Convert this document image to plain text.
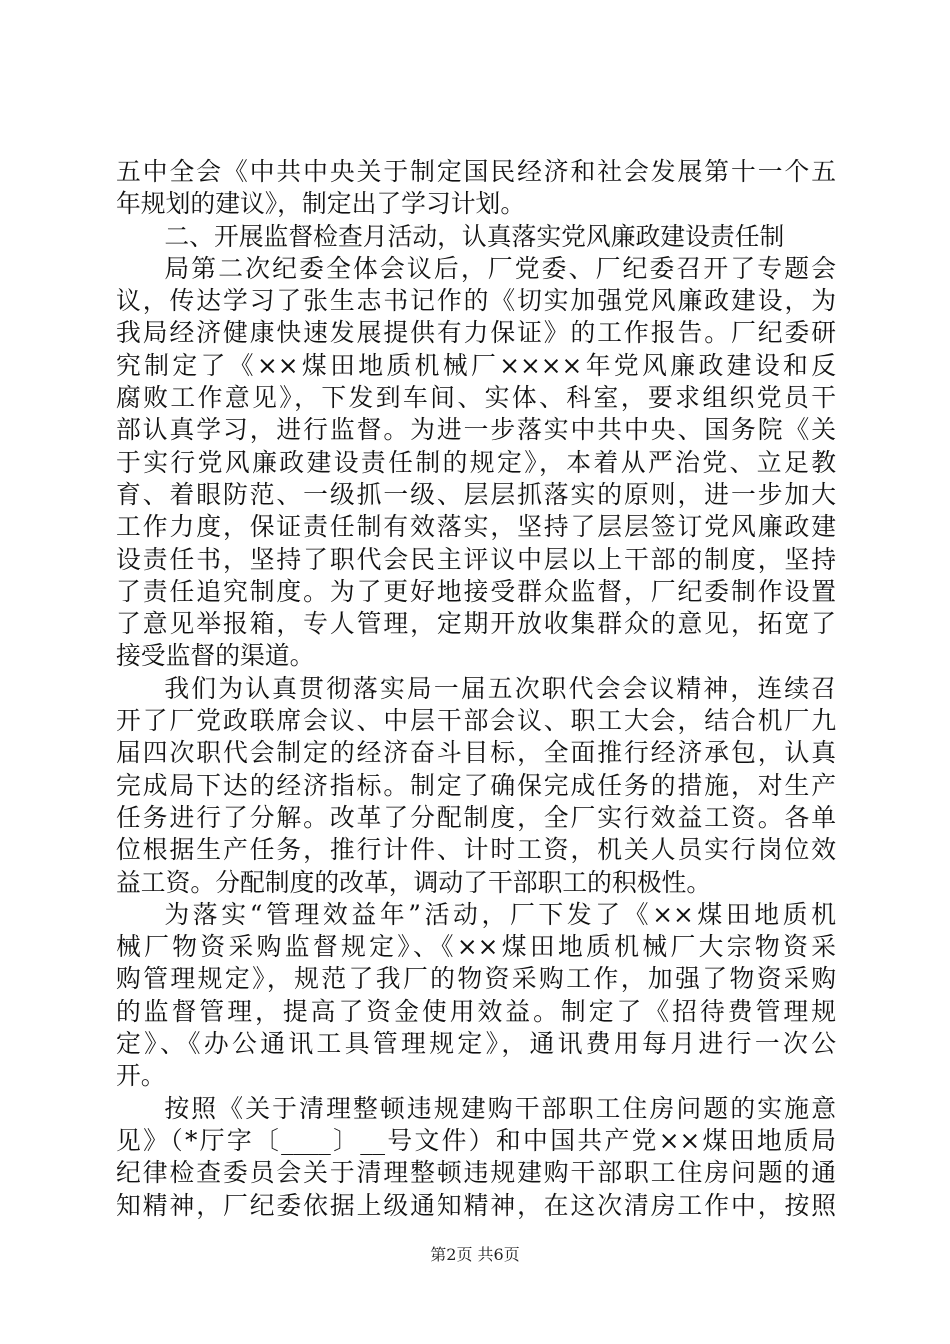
五中全会《中共中央关于制定国民经济和社会发展第十一个五
年规划的建议》，制定出了学习计划。
二、开展监督检查月活动，认真落实党风廉政建设责任制
局第二次纪委全体会议后，厂党委、厂纪委召开了专题会
议，传达学习了张生志书记作的《切实加强党风廉政建设，为
我局经济健康快速发展提供有力保证》的工作报告。厂纪委研
究制定了《××煤田地质机械厂××××年党风廉政建设和反
腐败工作意见》，下发到车间、实体、科室，要求组织党员干
部认真学习，进行监督。为进一步落实中共中央、国务院《关
于实行党风廉政建设责任制的规定》，本着从严治党、立足教
育、着眼防范、一级抓一级、层层抓落实的原则，进一步加大
工作力度，保证责任制有效落实，坚持了层层签订党风廉政建
设责任书，坚持了职代会民主评议中层以上干部的制度，坚持
了责任追究制度。为了更好地接受群众监督，厂纪委制作设置
了意见举报箱，专人管理，定期开放收集群众的意见，拓宽了
接受监督的渠道。
我们为认真贯彻落实局一届五次职代会会议精神，连续召
开了厂党政联席会议、中层干部会议、职工大会，结合机厂九
届四次职代会制定的经济奋斗目标，全面推行经济承包，认真
完成局下达的经济指标。制定了确保完成任务的措施，对生产
任务进行了分解。改革了分配制度，全厂实行效益工资。各单
位根据生产任务，推行计件、计时工资，机关人员实行岗位效
益工资。分配制度的改革，调动了干部职工的积极性。
为落实“管理效益年”活动，厂下发了《××煤田地质机
械厂物资采购监督规定》、《××煤田地质机械厂大宗物资采
购管理规定》，规范了我厂的物资采购工作，加强了物资采购
的监督管理，提高了资金使用效益。制定了《招待费管理规
定》、《办公通讯工具管理规定》，通讯费用每月进行一次公
开。
按照《关于清理整顿违规建购干部职工住房问题的实施意
见》（*厅字〔____〕__号文件）和中国共产党××煤田地质局
纪律检查委员会关于清理整顿违规建购干部职工住房问题的通
知精神，厂纪委依据上级通知精神，在这次清房工作中，按照
第2页 共6页
